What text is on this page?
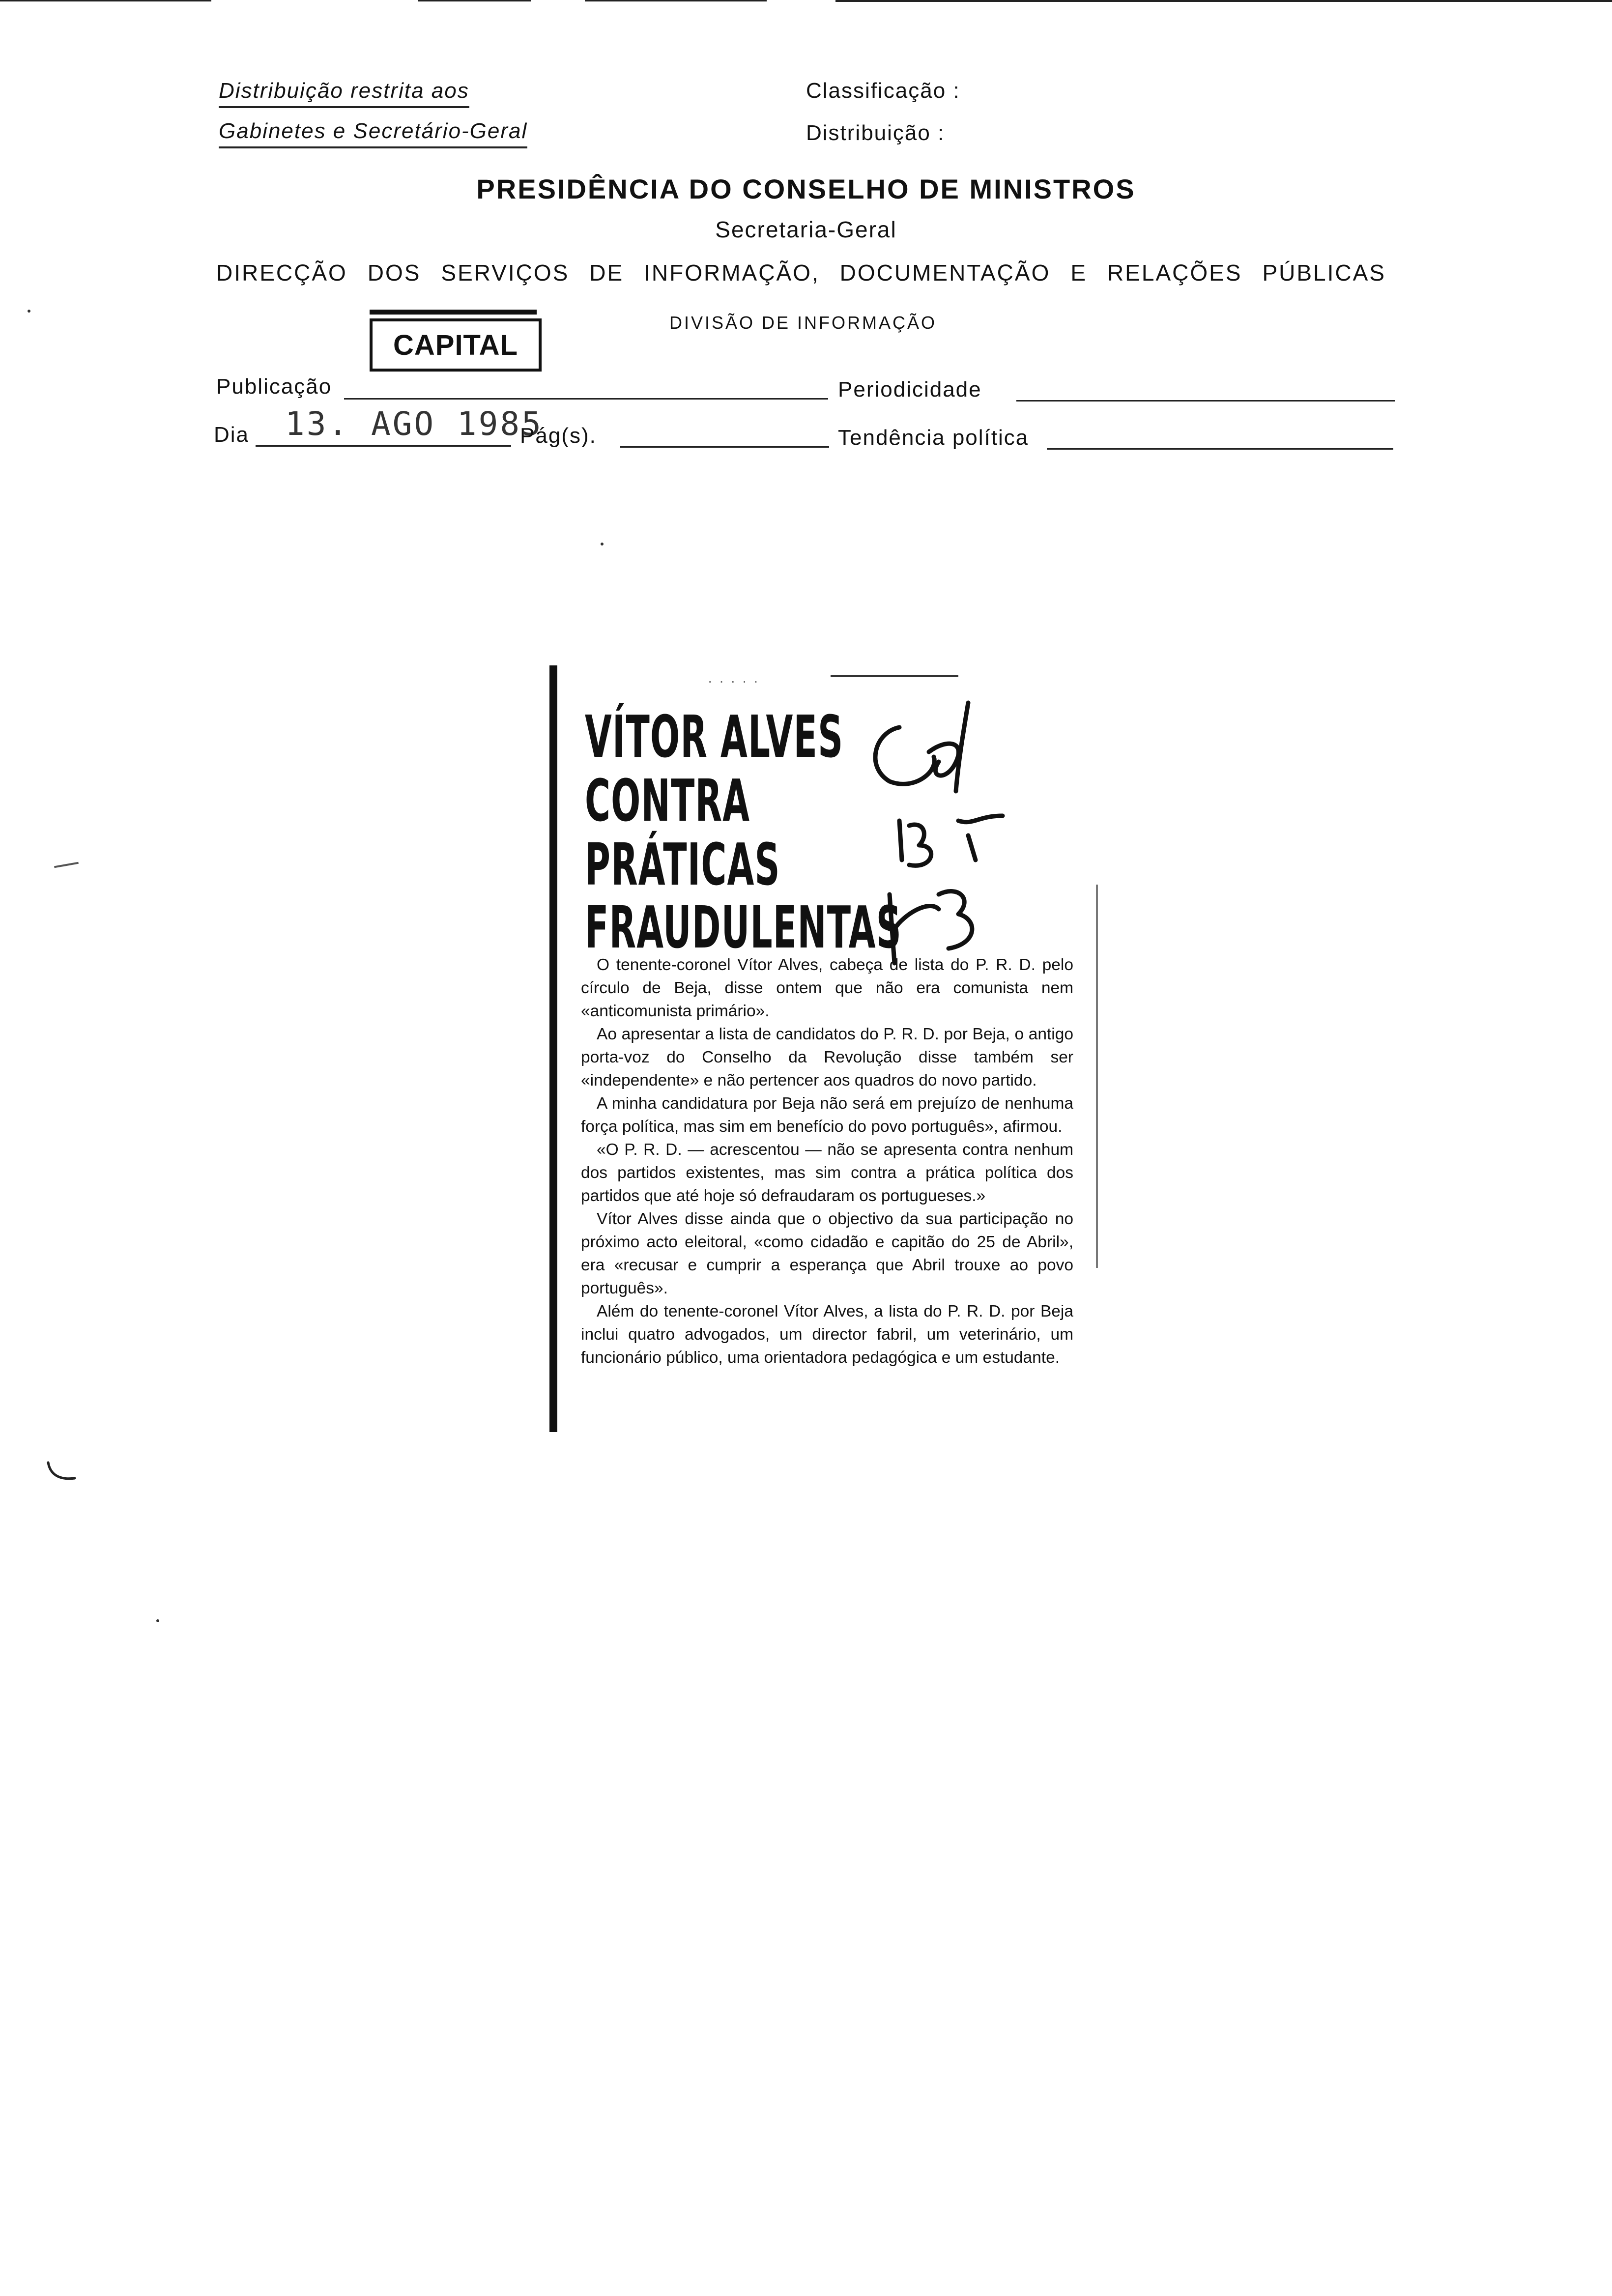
Distribuição restrita aos
Gabinetes e Secretário-Geral
Classificação :
Distribuição :
PRESIDÊNCIA DO CONSELHO DE MINISTROS
Secretaria-Geral
DIRECÇÃO DOS SERVIÇOS DE INFORMAÇÃO, DOCUMENTAÇÃO E RELAÇÕES PÚBLICAS
DIVISÃO DE INFORMAÇÃO
CAPITAL
Publicação	Periodicidade
Dia 13. AGO 1985
Pág(s).	Tendência política
·····
VÍTOR ALVES
CONTRA
PRÁTICAS
FRAUDULENTAS

O tenente-coronel Vítor Alves, cabeça de lista do P. R. D. pelo círculo de Beja, disse ontem que não era comunista nem «anticomunista primário».

Ao apresentar a lista de candidatos do P. R. D. por Beja, o antigo porta-voz do Conselho da Revolução disse também ser «independente» e não pertencer aos quadros do novo partido.

A minha candidatura por Beja não será em prejuízo de nenhuma força política, mas sim em benefício do povo português», afirmou.

«O P. R. D. — acrescentou — não se apresenta contra nenhum dos partidos existentes, mas sim contra a prática política dos partidos que até hoje só defraudaram os portugueses.»

Vítor Alves disse ainda que o objectivo da sua participação no próximo acto eleitoral, «como cidadão e capitão do 25 de Abril», era «recusar e cumprir a esperança que Abril trouxe ao povo português».

Além do tenente-coronel Vítor Alves, a lista do P. R. D. por Beja inclui quatro advogados, um director fabril, um veterinário, um funcionário público, uma orientadora pedagógica e um estudante.
